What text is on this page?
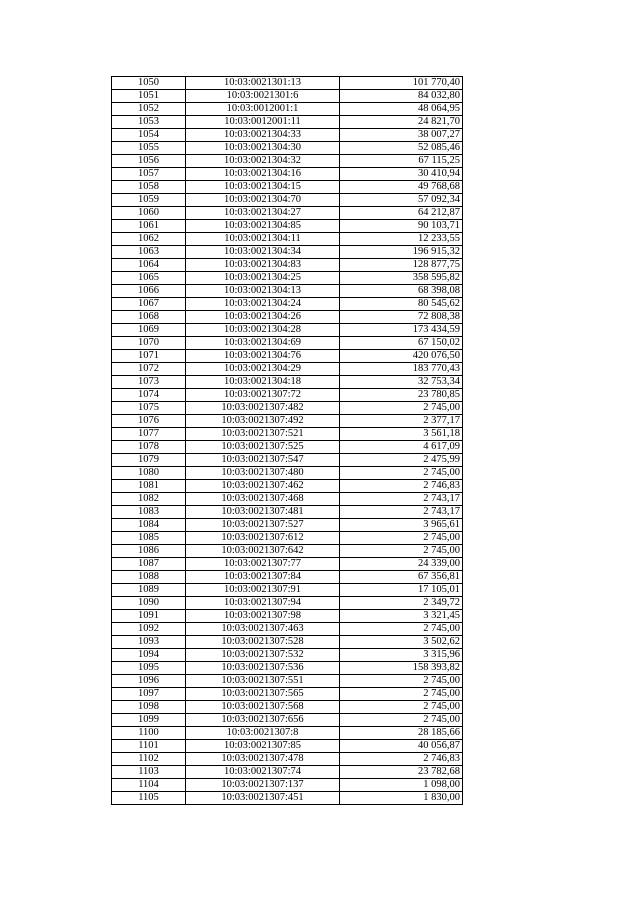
1050	10:03:0021301:13	101 770,40
1051	10:03:0021301:6	84 032,80
1052	10:03:0012001:1	48 064,95
1053	10:03:0012001:11	24 821,70
1054	10:03:0021304:33	38 007,27
1055	10:03:0021304:30	52 085,46
1056	10:03:0021304:32	67 115,25
1057	10:03:0021304:16	30 410,94
1058	10:03:0021304:15	49 768,68
1059	10:03:0021304:70	57 092,34
1060	10:03:0021304:27	64 212,87
1061	10:03:0021304:85	90 103,71
1062	10:03:0021304:11	12 233,55
1063	10:03:0021304:34	196 915,32
1064	10:03:0021304:83	128 877,75
1065	10:03:0021304:25	358 595,82
1066	10:03:0021304:13	68 398,08
1067	10:03:0021304:24	80 545,62
1068	10:03:0021304:26	72 808,38
1069	10:03:0021304:28	173 434,59
1070	10:03:0021304:69	67 150,02
1071	10:03:0021304:76	420 076,50
1072	10:03:0021304:29	183 770,43
1073	10:03:0021304:18	32 753,34
1074	10:03:0021307:72	23 780,85
1075	10:03:0021307:482	2 745,00
1076	10:03:0021307:492	2 377,17
1077	10:03:0021307:521	3 561,18
1078	10:03:0021307:525	4 617,09
1079	10:03:0021307:547	2 475,99
1080	10:03:0021307:480	2 745,00
1081	10:03:0021307:462	2 746,83
1082	10:03:0021307:468	2 743,17
1083	10:03:0021307:481	2 743,17
1084	10:03:0021307:527	3 965,61
1085	10:03:0021307:612	2 745,00
1086	10:03:0021307:642	2 745,00
1087	10:03:0021307:77	24 339,00
1088	10:03:0021307:84	67 356,81
1089	10:03:0021307:91	17 105,01
1090	10:03:0021307:94	2 349,72
1091	10:03:0021307:98	3 321,45
1092	10:03:0021307:463	2 745,00
1093	10:03:0021307:528	3 502,62
1094	10:03:0021307:532	3 315,96
1095	10:03:0021307:536	158 393,82
1096	10:03:0021307:551	2 745,00
1097	10:03:0021307:565	2 745,00
1098	10:03:0021307:568	2 745,00
1099	10:03:0021307:656	2 745,00
1100	10:03:0021307:8	28 185,66
1101	10:03:0021307:85	40 056,87
1102	10:03:0021307:478	2 746,83
1103	10:03:0021307:74	23 782,68
1104	10:03:0021307:137	1 098,00
1105	10:03:0021307:451	1 830,00
